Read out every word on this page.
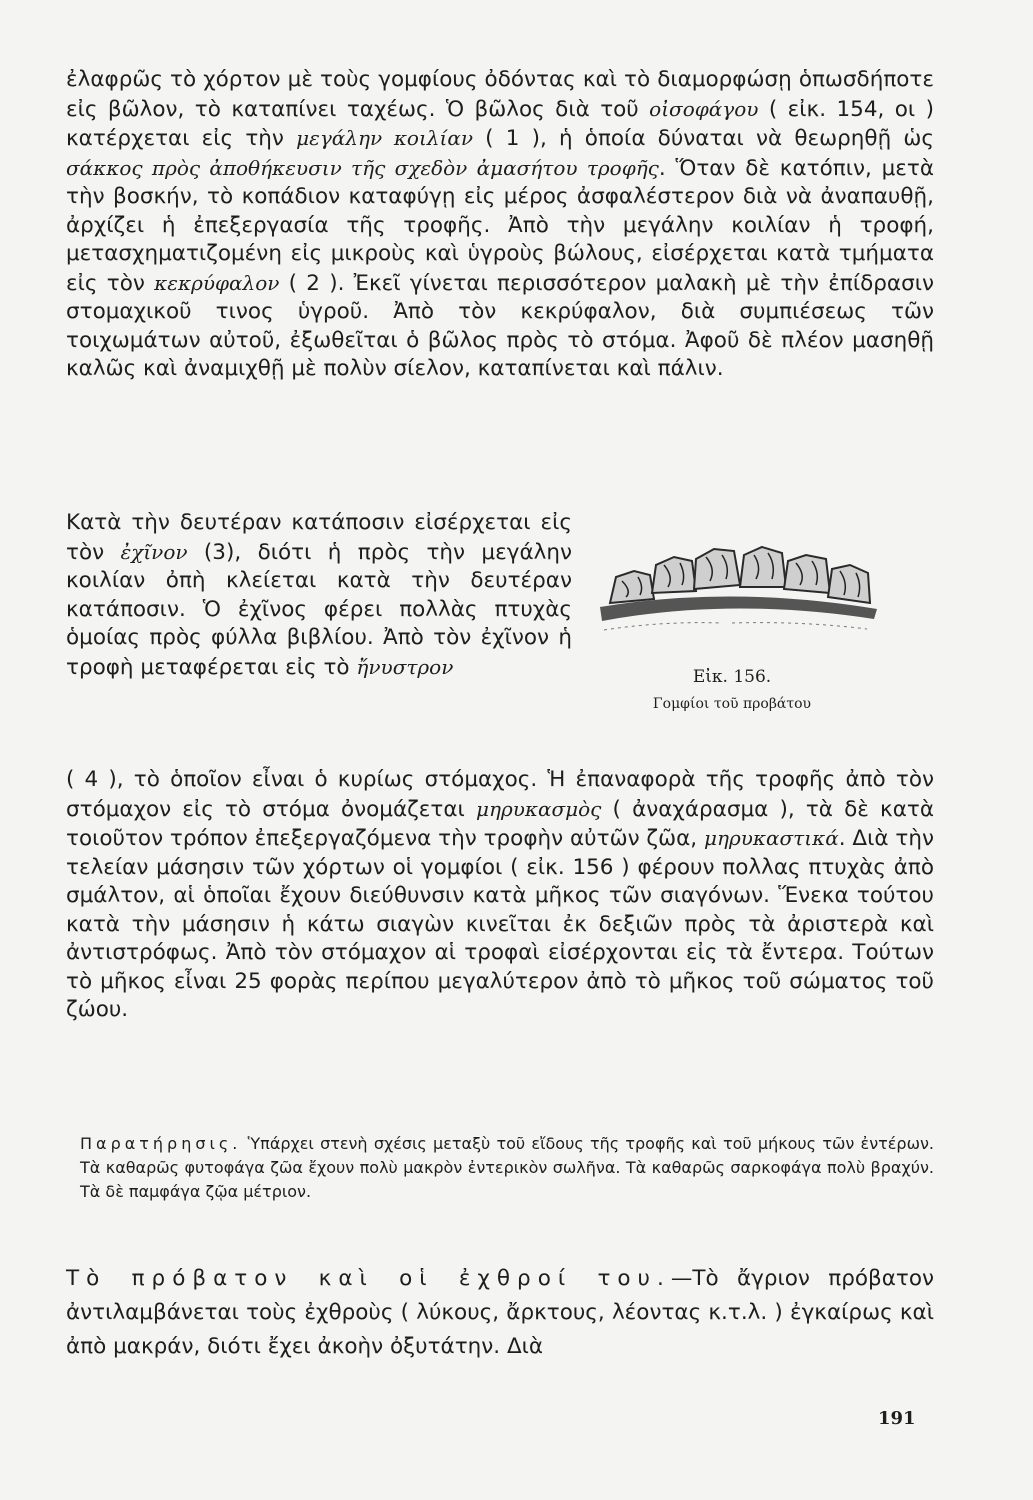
ἐλαφρῶς τὸ χόρτον μὲ τοὺς γομφίους ὀδόντας καὶ τὸ διαμορφώσῃ ὁπωσδήποτε εἰς βῶλον, τὸ καταπίνει ταχέως. Ὁ βῶλος διὰ τοῦ οἰσοφάγου ( εἰκ. 154, οι ) κατέρχεται εἰς τὴν μεγάλην κοιλίαν ( 1 ), ἡ ὁποία δύναται νὰ θεωρηθῇ ὡς σάκκος πρὸς ἀποθήκευσιν τῆς σχεδὸν ἀμασήτου τροφῆς. Ὅταν δὲ κατόπιν, μετὰ τὴν βοσκήν, τὸ κοπάδιον καταφύγῃ εἰς μέρος ἀσφαλέστερον διὰ νὰ ἀναπαυθῇ, ἀρχίζει ἡ ἐπεξεργασία τῆς τροφῆς. Ἀπὸ τὴν μεγάλην κοιλίαν ἡ τροφή, μετασχηματιζομένη εἰς μικροὺς καὶ ὑγροὺς βώλους, εἰσέρχεται κατὰ τμήματα εἰς τὸν κεκρύφαλον ( 2 ). Ἐκεῖ γίνεται περισσότερον μαλακὴ μὲ τὴν ἐπίδρασιν στομαχικοῦ τινος ὑγροῦ. Ἀπὸ τὸν κεκρύφαλον, διὰ συμπιέσεως τῶν τοιχωμάτων αὐτοῦ, ἐξωθεῖται ὁ βῶλος πρὸς τὸ στόμα. Ἀφοῦ δὲ πλέον μασηθῇ καλῶς καὶ ἀναμιχθῇ μὲ πολὺν σίελον, καταπίνεται καὶ πάλιν.

Κατὰ τὴν δευτέραν κατάποσιν εἰσέρχεται εἰς τὸν ἐχῖνον (3), διότι ἡ πρὸς τὴν μεγάλην κοιλίαν ὀπὴ κλείεται κατὰ τὴν δευτέραν κατάποσιν. Ὁ ἐχῖνος φέρει πολλὰς πτυχὰς ὁμοίας πρὸς φύλλα βιβλίου. Ἀπὸ τὸν ἐχῖνον ἡ τροφὴ μεταφέρεται εἰς τὸ ἤνυστρον	Εἰκ. 156.
Γομφίοι τοῦ προβάτου

( 4 ), τὸ ὁποῖον εἶναι ὁ κυρίως στόμαχος. Ἡ ἐπαναφορὰ τῆς τροφῆς ἀπὸ τὸν στόμαχον εἰς τὸ στόμα ὀνομάζεται μηρυκασμὸς ( ἀναχάρασμα ), τὰ δὲ κατὰ τοιοῦτον τρόπον ἐπεξεργαζόμενα τὴν τροφὴν αὐτῶν ζῶα, μηρυκαστικά. Διὰ τὴν τελείαν μάσησιν τῶν χόρτων οἱ γομφίοι ( εἰκ. 156 ) φέρουν πολλας πτυχὰς ἀπὸ σμάλτον, αἱ ὁποῖαι ἔχουν διεύθυνσιν κατὰ μῆκος τῶν σιαγόνων. Ἕνεκα τούτου κατὰ τὴν μάσησιν ἡ κάτω σιαγὼν κινεῖται ἐκ δεξιῶν πρὸς τὰ ἀριστερὰ καὶ ἀντιστρόφως. Ἀπὸ τὸν στόμαχον αἱ τροφαὶ εἰσέρχονται εἰς τὰ ἔντερα. Τούτων τὸ μῆκος εἶναι 25 φορὰς περίπου μεγαλύτερον ἀπὸ τὸ μῆκος τοῦ σώματος τοῦ ζώου.

Παρατήρησις. Ὑπάρχει στενὴ σχέσις μεταξὺ τοῦ εἴδους τῆς τροφῆς καὶ τοῦ μήκους τῶν ἐντέρων. Τὰ καθαρῶς φυτοφάγα ζῶα ἔχουν πολὺ μακρὸν ἐντερικὸν σωλῆνα. Τὰ καθαρῶς σαρκοφάγα πολὺ βραχύν. Τὰ δὲ παμφάγα ζῷα μέτριον.

Τὸ πρόβατον καὶ οἱ ἐχθροί του.—Τὸ ἄγριον πρόβατον ἀντιλαμβάνεται τοὺς ἐχθροὺς ( λύκους, ἄρκτους, λέοντας κ.τ.λ. ) ἐγκαίρως καὶ ἀπὸ μακράν, διότι ἔχει ἀκοὴν ὀξυτάτην. Διὰ

191
